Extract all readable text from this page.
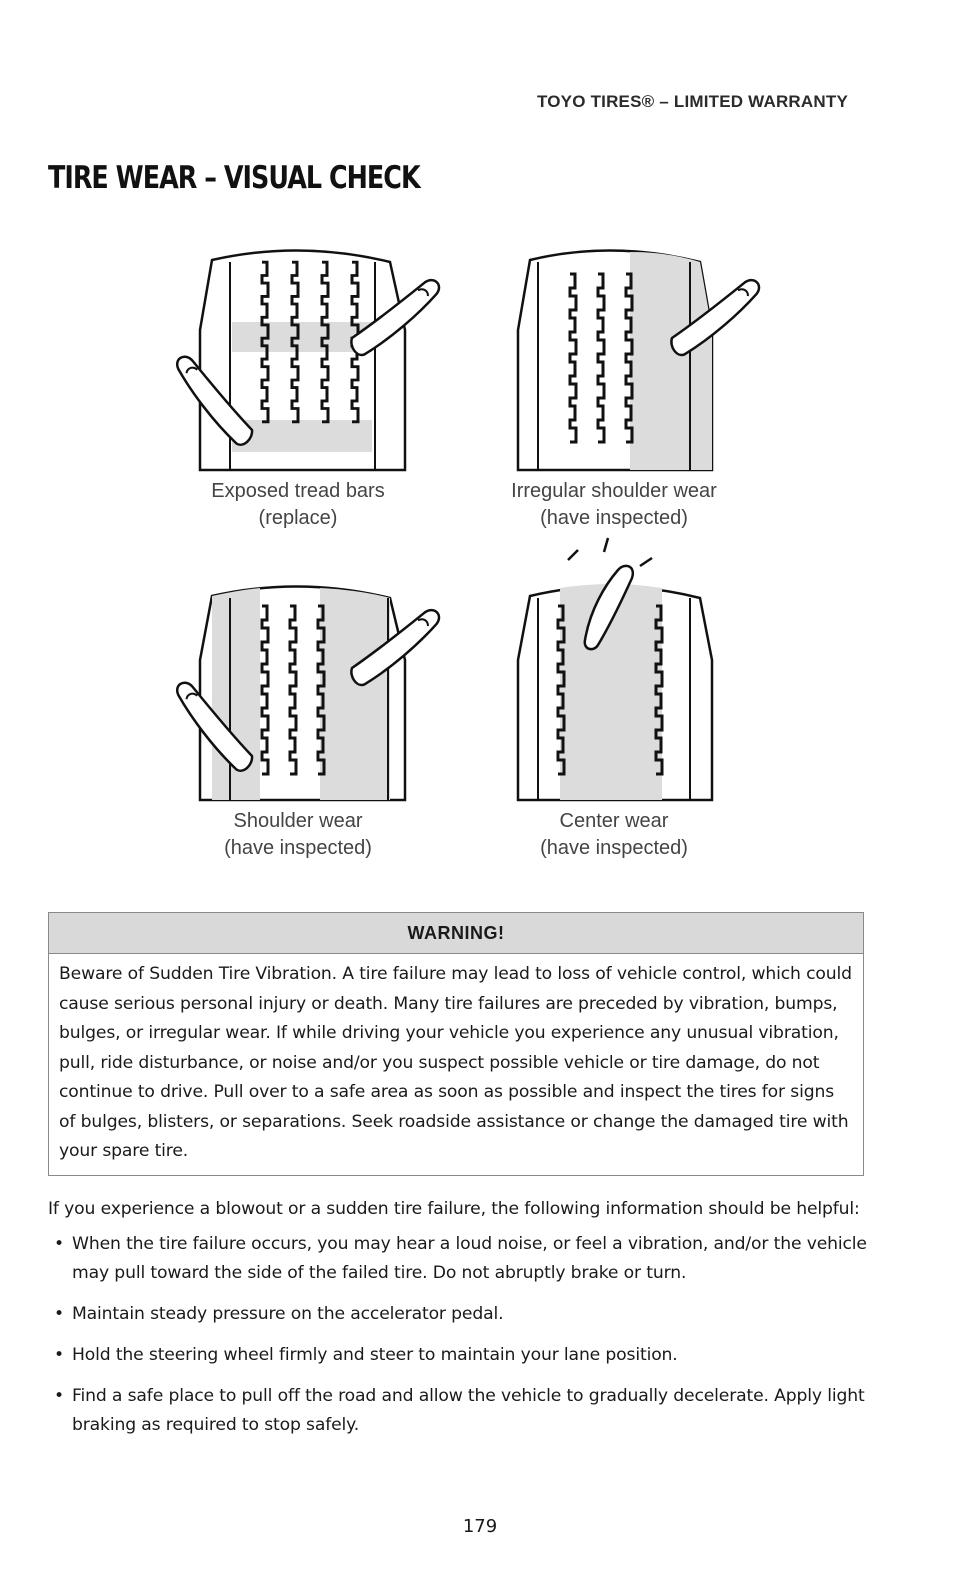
TOYO TIRES® – LIMITED WARRANTY
TIRE WEAR – VISUAL CHECK
Exposed tread bars
(replace)
Irregular shoulder wear
(have inspected)
Shoulder wear
(have inspected)
Center wear
(have inspected)
WARNING!
Beware of Sudden Tire Vibration. A tire failure may lead to loss of vehicle control, which could cause serious personal injury or death. Many tire failures are preceded by vibration, bumps, bulges, or irregular wear. If while driving your vehicle you experience any unusual vibration, pull, ride disturbance, or noise and/or you suspect possible vehicle or tire damage, do not continue to drive. Pull over to a safe area as soon as possible and inspect the tires for signs of bulges, blisters, or separations. Seek roadside assistance or change the damaged tire with your spare tire.
If you experience a blowout or a sudden tire failure, the following information should be helpful:
• When the tire failure occurs, you may hear a loud noise, or feel a vibration, and/or the vehicle may pull toward the side of the failed tire. Do not abruptly brake or turn.
• Maintain steady pressure on the accelerator pedal.
• Hold the steering wheel firmly and steer to maintain your lane position.
• Find a safe place to pull off the road and allow the vehicle to gradually decelerate. Apply light braking as required to stop safely.
179
